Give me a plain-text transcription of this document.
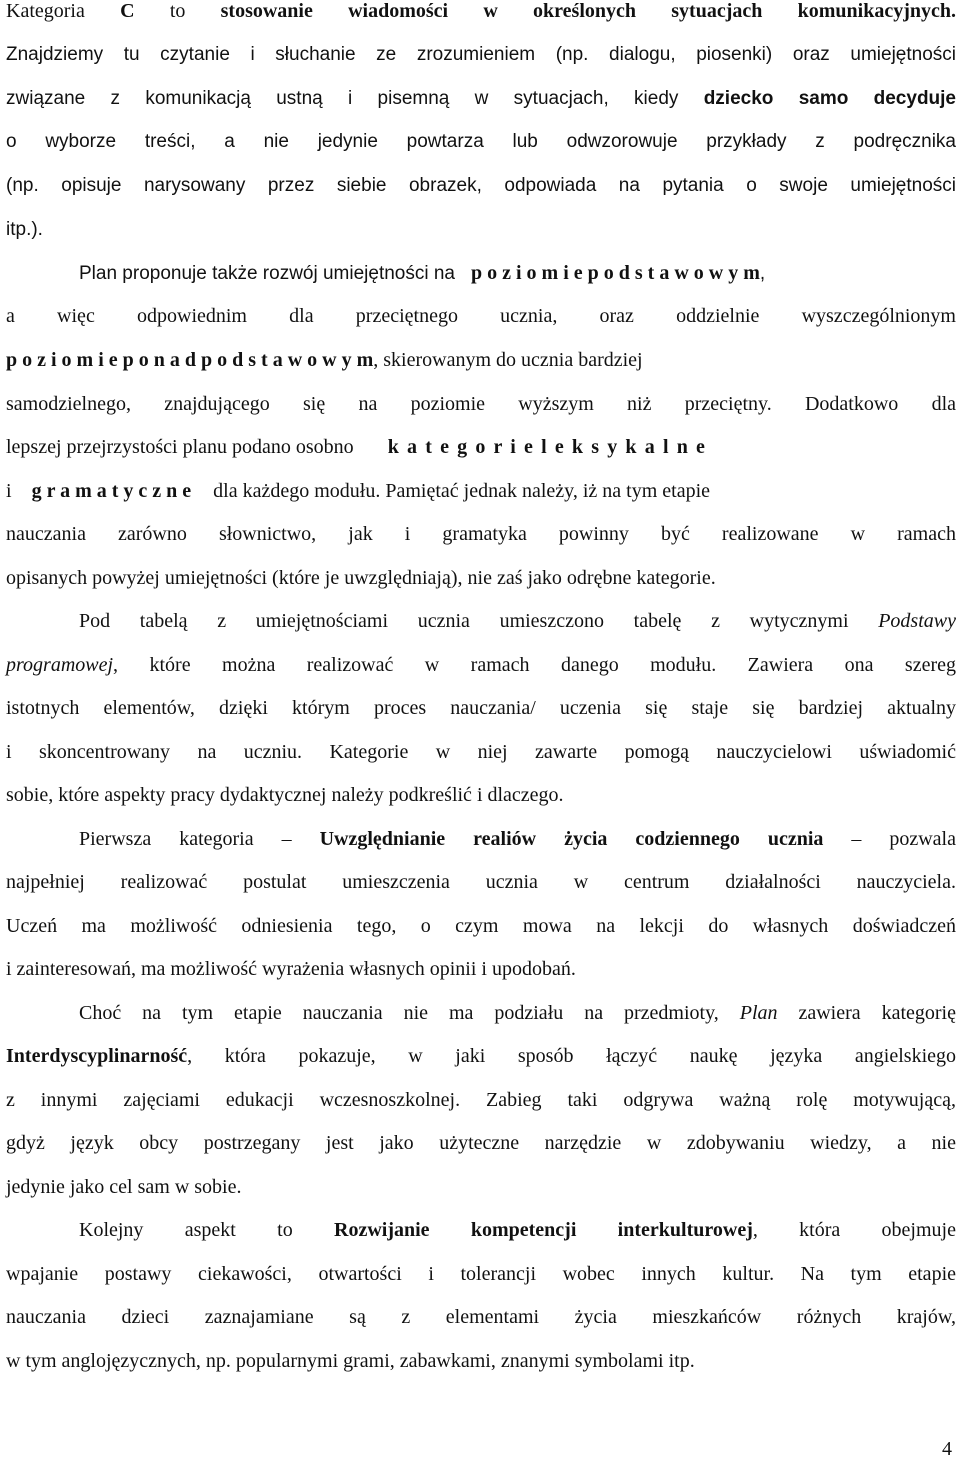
Kategoria C to stosowanie wiadomości w określonych sytuacjach komunikacyjnych.

Znajdziemy tu czytanie i słuchanie ze zrozumieniem (np. dialogu, piosenki) oraz umiejętności

związane z komunikacją ustną i pisemną w sytuacjach, kiedy dziecko samo decyduje

o wyborze treści, a nie jedynie powtarza lub odwzorowuje przykłady z podręcznika

(np. opisuje narysowany przez siebie obrazek, odpowiada na pytania o swoje umiejętności

itp.).

Plan proponuje także rozwój umiejętności na p o z i o m i e p o d s t a w o w y m,

a więc odpowiednim dla przeciętnego ucznia, oraz oddzielnie wyszczególnionym

p o z i o m i e p o n a d p o d s t a w o w y m, skierowanym do ucznia bardziej

samodzielnego, znajdującego się na poziomie wyższym niż przeciętny. Dodatkowo dla

lepszej przejrzystości planu podano osobno k a t e g o r i e l e k s y k a l n e

i g r a m a t y c z n e dla każdego modułu. Pamiętać jednak należy, iż na tym etapie

nauczania zarówno słownictwo, jak i gramatyka powinny być realizowane w ramach

opisanych powyżej umiejętności (które je uwzględniają), nie zaś jako odrębne kategorie.

Pod tabelą z umiejętnościami ucznia umieszczono tabelę z wytycznymi Podstawy

programowej, które można realizować w ramach danego modułu. Zawiera ona szereg

istotnych elementów, dzięki którym proces nauczania/ uczenia się staje się bardziej aktualny

i skoncentrowany na uczniu. Kategorie w niej zawarte pomogą nauczycielowi uświadomić

sobie, które aspekty pracy dydaktycznej należy podkreślić i dlaczego.

Pierwsza kategoria – Uwzględnianie realiów życia codziennego ucznia – pozwala

najpełniej realizować postulat umieszczenia ucznia w centrum działalności nauczyciela.

Uczeń ma możliwość odniesienia tego, o czym mowa na lekcji do własnych doświadczeń

i zainteresowań, ma możliwość wyrażenia własnych opinii i upodobań.

Choć na tym etapie nauczania nie ma podziału na przedmioty, Plan zawiera kategorię

Interdyscyplinarność, która pokazuje, w jaki sposób łączyć naukę języka angielskiego

z innymi zajęciami edukacji wczesnoszkolnej. Zabieg taki odgrywa ważną rolę motywującą,

gdyż język obcy postrzegany jest jako użyteczne narzędzie w zdobywaniu wiedzy, a nie

jedynie jako cel sam w sobie.

Kolejny aspekt to Rozwijanie kompetencji interkulturowej, która obejmuje

wpajanie postawy ciekawości, otwartości i tolerancji wobec innych kultur. Na tym etapie

nauczania dzieci zaznajamiane są z elementami życia mieszkańców różnych krajów,

w tym anglojęzycznych, np. popularnymi grami, zabawkami, znanymi symbolami itp.

4
